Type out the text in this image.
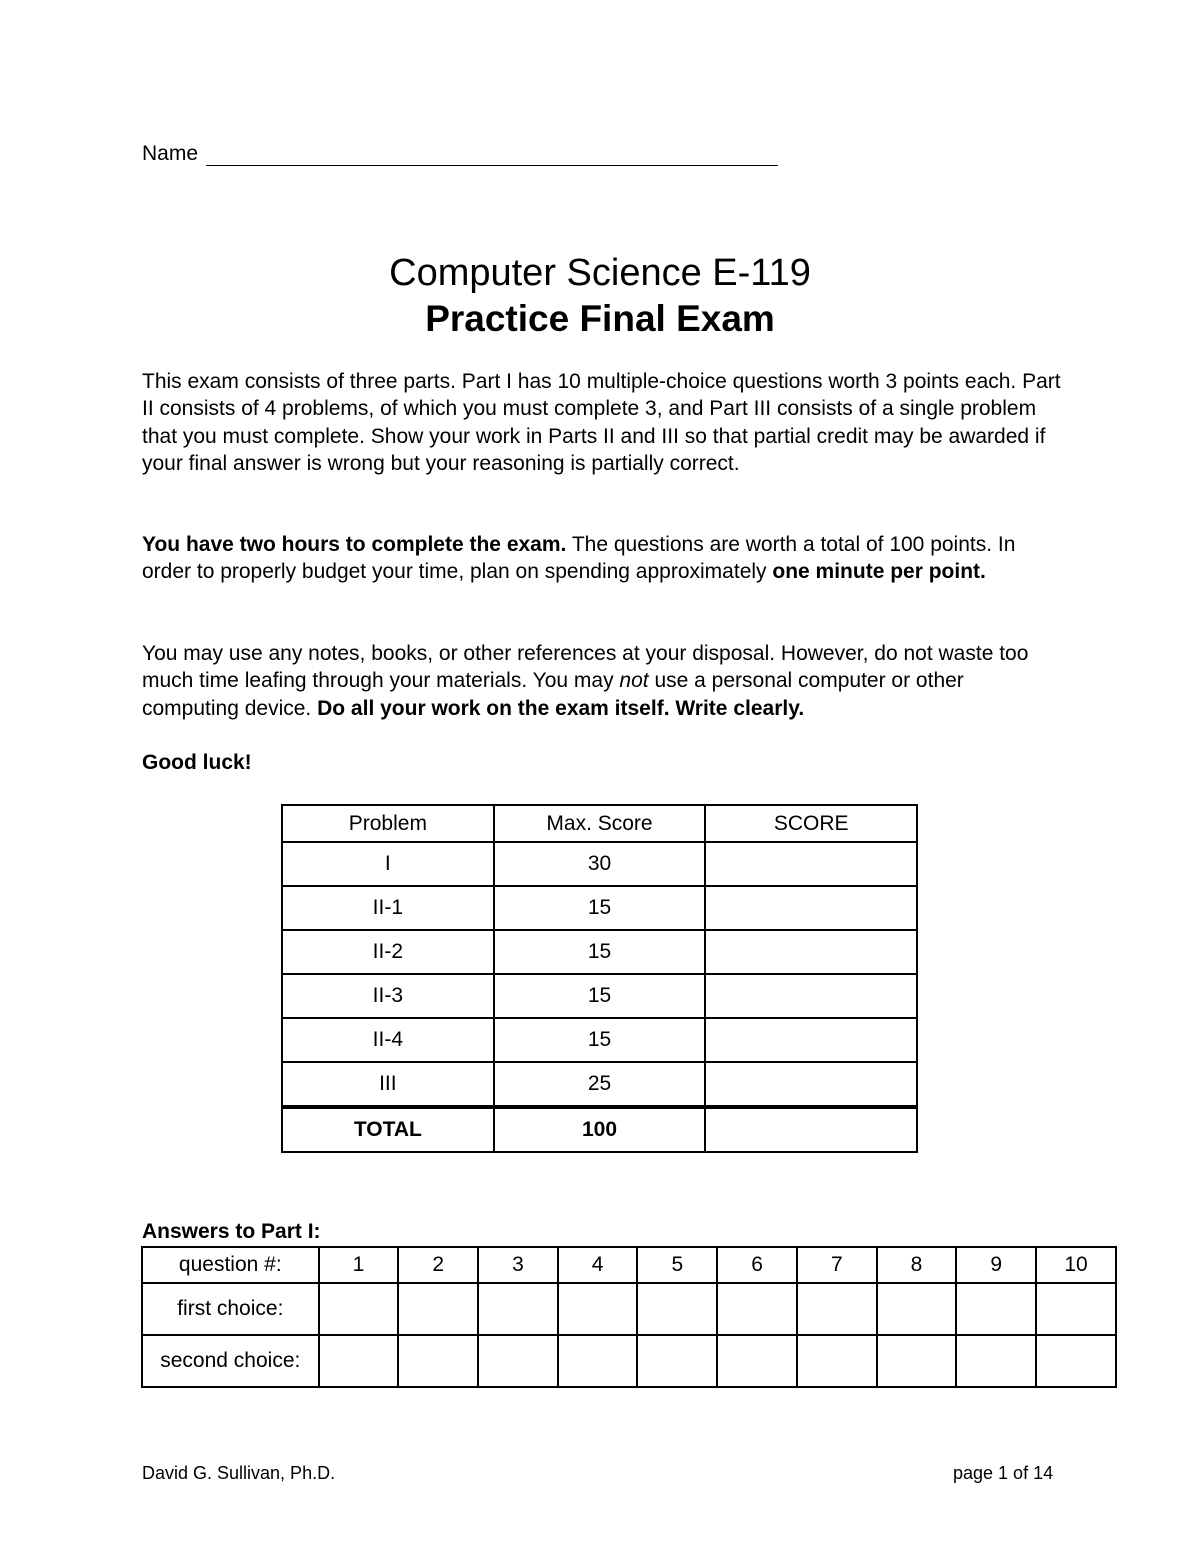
Name
Computer Science E-119
Practice Final Exam

This exam consists of three parts. Part I has 10 multiple-choice questions worth 3 points each. Part II consists of 4 problems, of which you must complete 3, and Part III consists of a single problem that you must complete. Show your work in Parts II and III so that partial credit may be awarded if your final answer is wrong but your reasoning is partially correct.

You have two hours to complete the exam. The questions are worth a total of 100 points. In order to properly budget your time, plan on spending approximately one minute per point.

You may use any notes, books, or other references at your disposal. However, do not waste too much time leafing through your materials. You may not use a personal computer or other computing device. Do all your work on the exam itself. Write clearly.

Good luck!
Problem	Max. Score	SCORE
I	30	
II-1	15	
II-2	15	
II-3	15	
II-4	15	
III	25	
TOTAL	100	
Answers to Part I:
question #:	1	2	3	4	5	6	7	8	9	10
first choice:										
second choice:										
David G. Sullivan, Ph.D.	page 1 of 14
